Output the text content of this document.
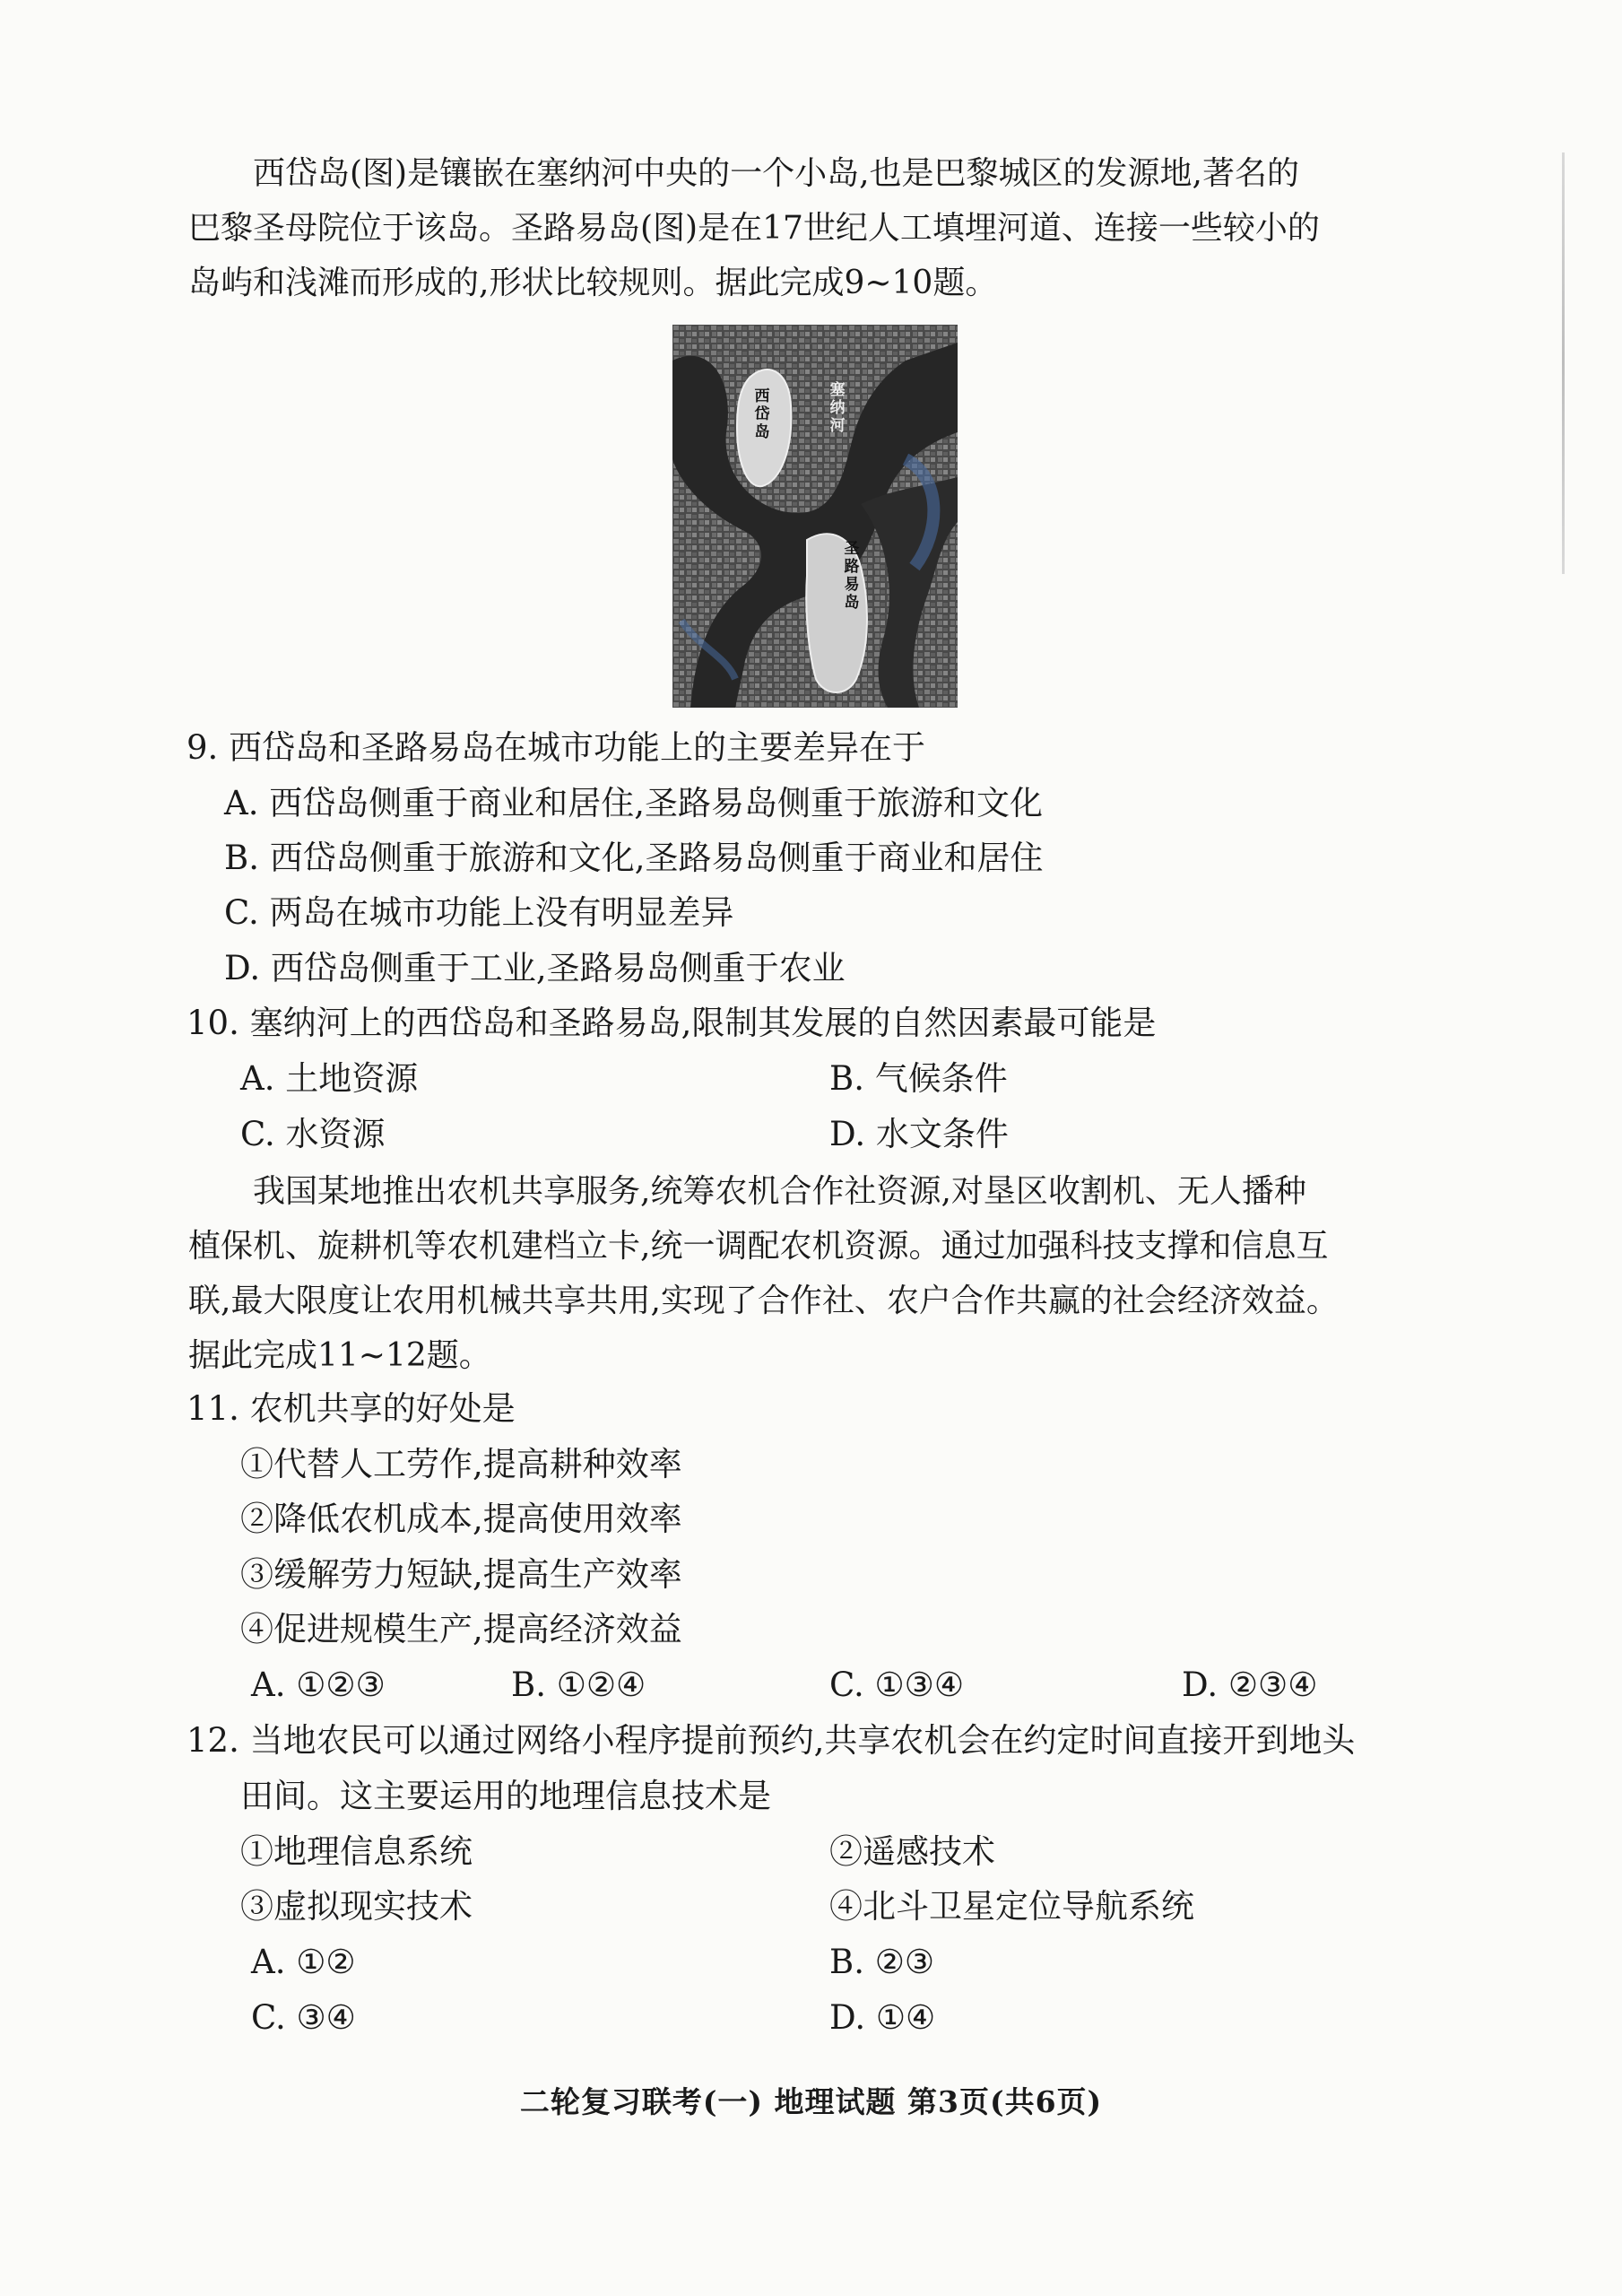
西岱岛(图)是镶嵌在塞纳河中央的一个小岛,也是巴黎城区的发源地,著名的
巴黎圣母院位于该岛。圣路易岛(图)是在17世纪人工填埋河道、连接一些较小的
岛屿和浅滩而形成的,形状比较规则。据此完成9~10题。
西岱岛
塞纳河
圣路易岛
9. 西岱岛和圣路易岛在城市功能上的主要差异在于
A. 西岱岛侧重于商业和居住,圣路易岛侧重于旅游和文化
B. 西岱岛侧重于旅游和文化,圣路易岛侧重于商业和居住
C. 两岛在城市功能上没有明显差异
D. 西岱岛侧重于工业,圣路易岛侧重于农业
10. 塞纳河上的西岱岛和圣路易岛,限制其发展的自然因素最可能是
A. 土地资源	B. 气候条件
C. 水资源	D. 水文条件
我国某地推出农机共享服务,统筹农机合作社资源,对垦区收割机、无人播种
植保机、旋耕机等农机建档立卡,统一调配农机资源。通过加强科技支撑和信息互
联,最大限度让农用机械共享共用,实现了合作社、农户合作共赢的社会经济效益。
据此完成11~12题。
11. 农机共享的好处是
①代替人工劳作,提高耕种效率
②降低农机成本,提高使用效率
③缓解劳力短缺,提高生产效率
④促进规模生产,提高经济效益
A. ①②③	B. ①②④	C. ①③④	D. ②③④
12. 当地农民可以通过网络小程序提前预约,共享农机会在约定时间直接开到地头
田间。这主要运用的地理信息技术是
①地理信息系统	②遥感技术
③虚拟现实技术	④北斗卫星定位导航系统
A. ①②	B. ②③
C. ③④	D. ①④
二轮复习联考(一) 地理试题 第3页(共6页)
